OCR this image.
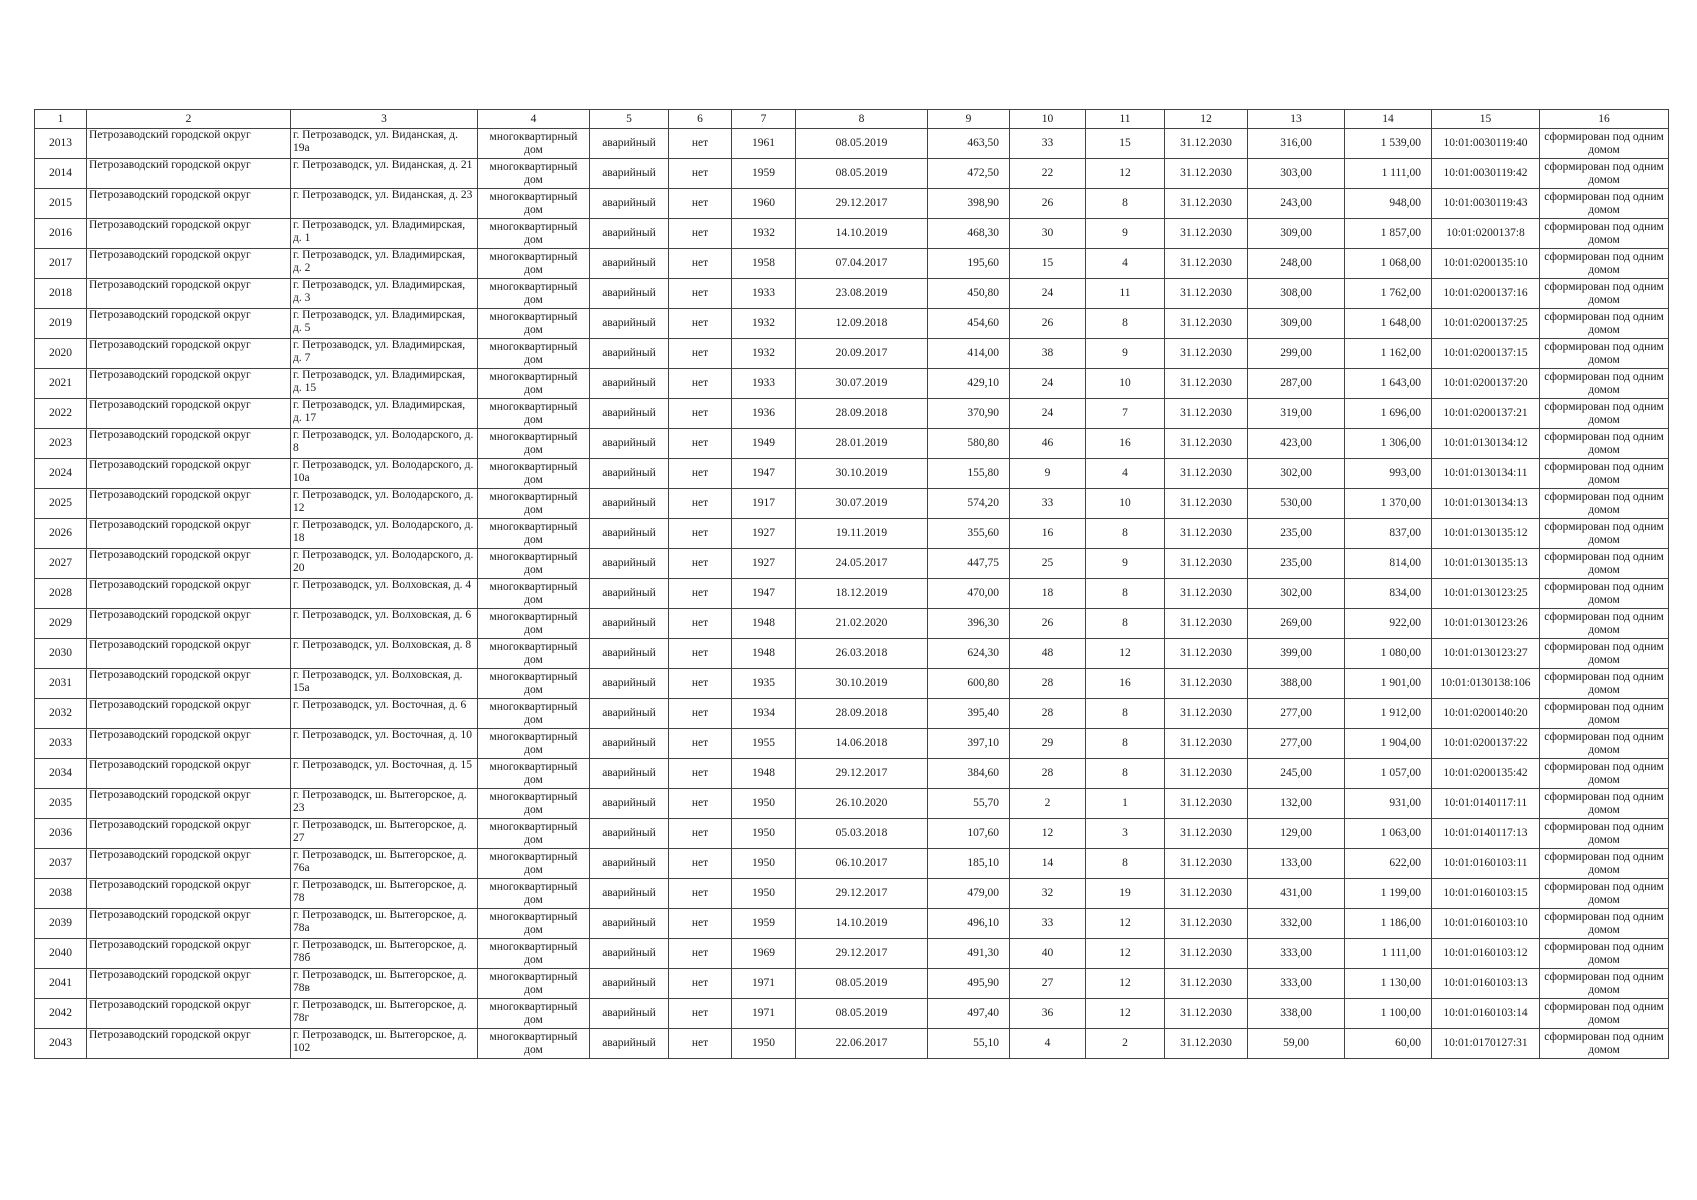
1	2	3	4	5	6	7	8	9	10	11	12	13	14	15	16
2013	Петрозаводский городской округ	г. Петрозаводск, ул. Виданская, д. 19а	многоквартирный дом	аварийный	нет	1961	08.05.2019	463,50	33	15	31.12.2030	316,00	1 539,00	10:01:0030119:40	сформирован под одним домом
2014	Петрозаводский городской округ	г. Петрозаводск, ул. Виданская, д. 21	многоквартирный дом	аварийный	нет	1959	08.05.2019	472,50	22	12	31.12.2030	303,00	1 111,00	10:01:0030119:42	сформирован под одним домом
2015	Петрозаводский городской округ	г. Петрозаводск, ул. Виданская, д. 23	многоквартирный дом	аварийный	нет	1960	29.12.2017	398,90	26	8	31.12.2030	243,00	948,00	10:01:0030119:43	сформирован под одним домом
2016	Петрозаводский городской округ	г. Петрозаводск, ул. Владимирская, д. 1	многоквартирный дом	аварийный	нет	1932	14.10.2019	468,30	30	9	31.12.2030	309,00	1 857,00	10:01:0200137:8	сформирован под одним домом
2017	Петрозаводский городской округ	г. Петрозаводск, ул. Владимирская, д. 2	многоквартирный дом	аварийный	нет	1958	07.04.2017	195,60	15	4	31.12.2030	248,00	1 068,00	10:01:0200135:10	сформирован под одним домом
2018	Петрозаводский городской округ	г. Петрозаводск, ул. Владимирская, д. 3	многоквартирный дом	аварийный	нет	1933	23.08.2019	450,80	24	11	31.12.2030	308,00	1 762,00	10:01:0200137:16	сформирован под одним домом
2019	Петрозаводский городской округ	г. Петрозаводск, ул. Владимирская, д. 5	многоквартирный дом	аварийный	нет	1932	12.09.2018	454,60	26	8	31.12.2030	309,00	1 648,00	10:01:0200137:25	сформирован под одним домом
2020	Петрозаводский городской округ	г. Петрозаводск, ул. Владимирская, д. 7	многоквартирный дом	аварийный	нет	1932	20.09.2017	414,00	38	9	31.12.2030	299,00	1 162,00	10:01:0200137:15	сформирован под одним домом
2021	Петрозаводский городской округ	г. Петрозаводск, ул. Владимирская, д. 15	многоквартирный дом	аварийный	нет	1933	30.07.2019	429,10	24	10	31.12.2030	287,00	1 643,00	10:01:0200137:20	сформирован под одним домом
2022	Петрозаводский городской округ	г. Петрозаводск, ул. Владимирская, д. 17	многоквартирный дом	аварийный	нет	1936	28.09.2018	370,90	24	7	31.12.2030	319,00	1 696,00	10:01:0200137:21	сформирован под одним домом
2023	Петрозаводский городской округ	г. Петрозаводск, ул. Володарского, д. 8	многоквартирный дом	аварийный	нет	1949	28.01.2019	580,80	46	16	31.12.2030	423,00	1 306,00	10:01:0130134:12	сформирован под одним домом
2024	Петрозаводский городской округ	г. Петрозаводск, ул. Володарского, д. 10а	многоквартирный дом	аварийный	нет	1947	30.10.2019	155,80	9	4	31.12.2030	302,00	993,00	10:01:0130134:11	сформирован под одним домом
2025	Петрозаводский городской округ	г. Петрозаводск, ул. Володарского, д. 12	многоквартирный дом	аварийный	нет	1917	30.07.2019	574,20	33	10	31.12.2030	530,00	1 370,00	10:01:0130134:13	сформирован под одним домом
2026	Петрозаводский городской округ	г. Петрозаводск, ул. Володарского, д. 18	многоквартирный дом	аварийный	нет	1927	19.11.2019	355,60	16	8	31.12.2030	235,00	837,00	10:01:0130135:12	сформирован под одним домом
2027	Петрозаводский городской округ	г. Петрозаводск, ул. Володарского, д. 20	многоквартирный дом	аварийный	нет	1927	24.05.2017	447,75	25	9	31.12.2030	235,00	814,00	10:01:0130135:13	сформирован под одним домом
2028	Петрозаводский городской округ	г. Петрозаводск, ул. Волховская, д. 4	многоквартирный дом	аварийный	нет	1947	18.12.2019	470,00	18	8	31.12.2030	302,00	834,00	10:01:0130123:25	сформирован под одним домом
2029	Петрозаводский городской округ	г. Петрозаводск, ул. Волховская, д. 6	многоквартирный дом	аварийный	нет	1948	21.02.2020	396,30	26	8	31.12.2030	269,00	922,00	10:01:0130123:26	сформирован под одним домом
2030	Петрозаводский городской округ	г. Петрозаводск, ул. Волховская, д. 8	многоквартирный дом	аварийный	нет	1948	26.03.2018	624,30	48	12	31.12.2030	399,00	1 080,00	10:01:0130123:27	сформирован под одним домом
2031	Петрозаводский городской округ	г. Петрозаводск, ул. Волховская, д. 15а	многоквартирный дом	аварийный	нет	1935	30.10.2019	600,80	28	16	31.12.2030	388,00	1 901,00	10:01:0130138:106	сформирован под одним домом
2032	Петрозаводский городской округ	г. Петрозаводск, ул. Восточная, д. 6	многоквартирный дом	аварийный	нет	1934	28.09.2018	395,40	28	8	31.12.2030	277,00	1 912,00	10:01:0200140:20	сформирован под одним домом
2033	Петрозаводский городской округ	г. Петрозаводск, ул. Восточная, д. 10	многоквартирный дом	аварийный	нет	1955	14.06.2018	397,10	29	8	31.12.2030	277,00	1 904,00	10:01:0200137:22	сформирован под одним домом
2034	Петрозаводский городской округ	г. Петрозаводск, ул. Восточная, д. 15	многоквартирный дом	аварийный	нет	1948	29.12.2017	384,60	28	8	31.12.2030	245,00	1 057,00	10:01:0200135:42	сформирован под одним домом
2035	Петрозаводский городской округ	г. Петрозаводск, ш. Вытегорское, д. 23	многоквартирный дом	аварийный	нет	1950	26.10.2020	55,70	2	1	31.12.2030	132,00	931,00	10:01:0140117:11	сформирован под одним домом
2036	Петрозаводский городской округ	г. Петрозаводск, ш. Вытегорское, д. 27	многоквартирный дом	аварийный	нет	1950	05.03.2018	107,60	12	3	31.12.2030	129,00	1 063,00	10:01:0140117:13	сформирован под одним домом
2037	Петрозаводский городской округ	г. Петрозаводск, ш. Вытегорское, д. 76а	многоквартирный дом	аварийный	нет	1950	06.10.2017	185,10	14	8	31.12.2030	133,00	622,00	10:01:0160103:11	сформирован под одним домом
2038	Петрозаводский городской округ	г. Петрозаводск, ш. Вытегорское, д. 78	многоквартирный дом	аварийный	нет	1950	29.12.2017	479,00	32	19	31.12.2030	431,00	1 199,00	10:01:0160103:15	сформирован под одним домом
2039	Петрозаводский городской округ	г. Петрозаводск, ш. Вытегорское, д. 78а	многоквартирный дом	аварийный	нет	1959	14.10.2019	496,10	33	12	31.12.2030	332,00	1 186,00	10:01:0160103:10	сформирован под одним домом
2040	Петрозаводский городской округ	г. Петрозаводск, ш. Вытегорское, д. 78б	многоквартирный дом	аварийный	нет	1969	29.12.2017	491,30	40	12	31.12.2030	333,00	1 111,00	10:01:0160103:12	сформирован под одним домом
2041	Петрозаводский городской округ	г. Петрозаводск, ш. Вытегорское, д. 78в	многоквартирный дом	аварийный	нет	1971	08.05.2019	495,90	27	12	31.12.2030	333,00	1 130,00	10:01:0160103:13	сформирован под одним домом
2042	Петрозаводский городской округ	г. Петрозаводск, ш. Вытегорское, д. 78г	многоквартирный дом	аварийный	нет	1971	08.05.2019	497,40	36	12	31.12.2030	338,00	1 100,00	10:01:0160103:14	сформирован под одним домом
2043	Петрозаводский городской округ	г. Петрозаводск, ш. Вытегорское, д. 102	многоквартирный дом	аварийный	нет	1950	22.06.2017	55,10	4	2	31.12.2030	59,00	60,00	10:01:0170127:31	сформирован под одним домом
